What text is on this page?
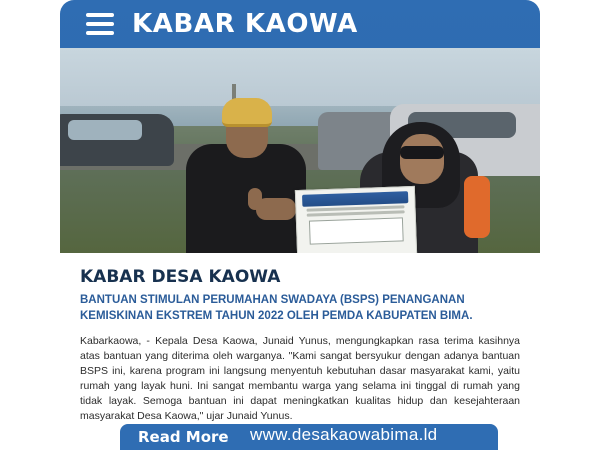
KABAR KAOWA
KABAR DESA KAOWA
BANTUAN STIMULAN PERUMAHAN SWADAYA (BSPS) PENANGANAN KEMISKINAN EKSTREM TAHUN 2022 OLEH PEMDA KABUPATEN BIMA.

Kabarkaowa, - Kepala Desa Kaowa, Junaid Yunus, mengungkapkan rasa terima kasihnya atas bantuan yang diterima oleh warganya. "Kami sangat bersyukur dengan adanya bantuan BSPS ini, karena program ini langsung menyentuh kebutuhan dasar masyarakat kami, yaitu rumah yang layak huni. Ini sangat membantu warga yang selama ini tinggal di rumah yang tidak layak. Semoga bantuan ini dapat meningkatkan kualitas hidup dan kesejahteraan masyarakat Desa Kaowa," ujar Junaid Yunus.

Read More www.desakaowabima.ld
